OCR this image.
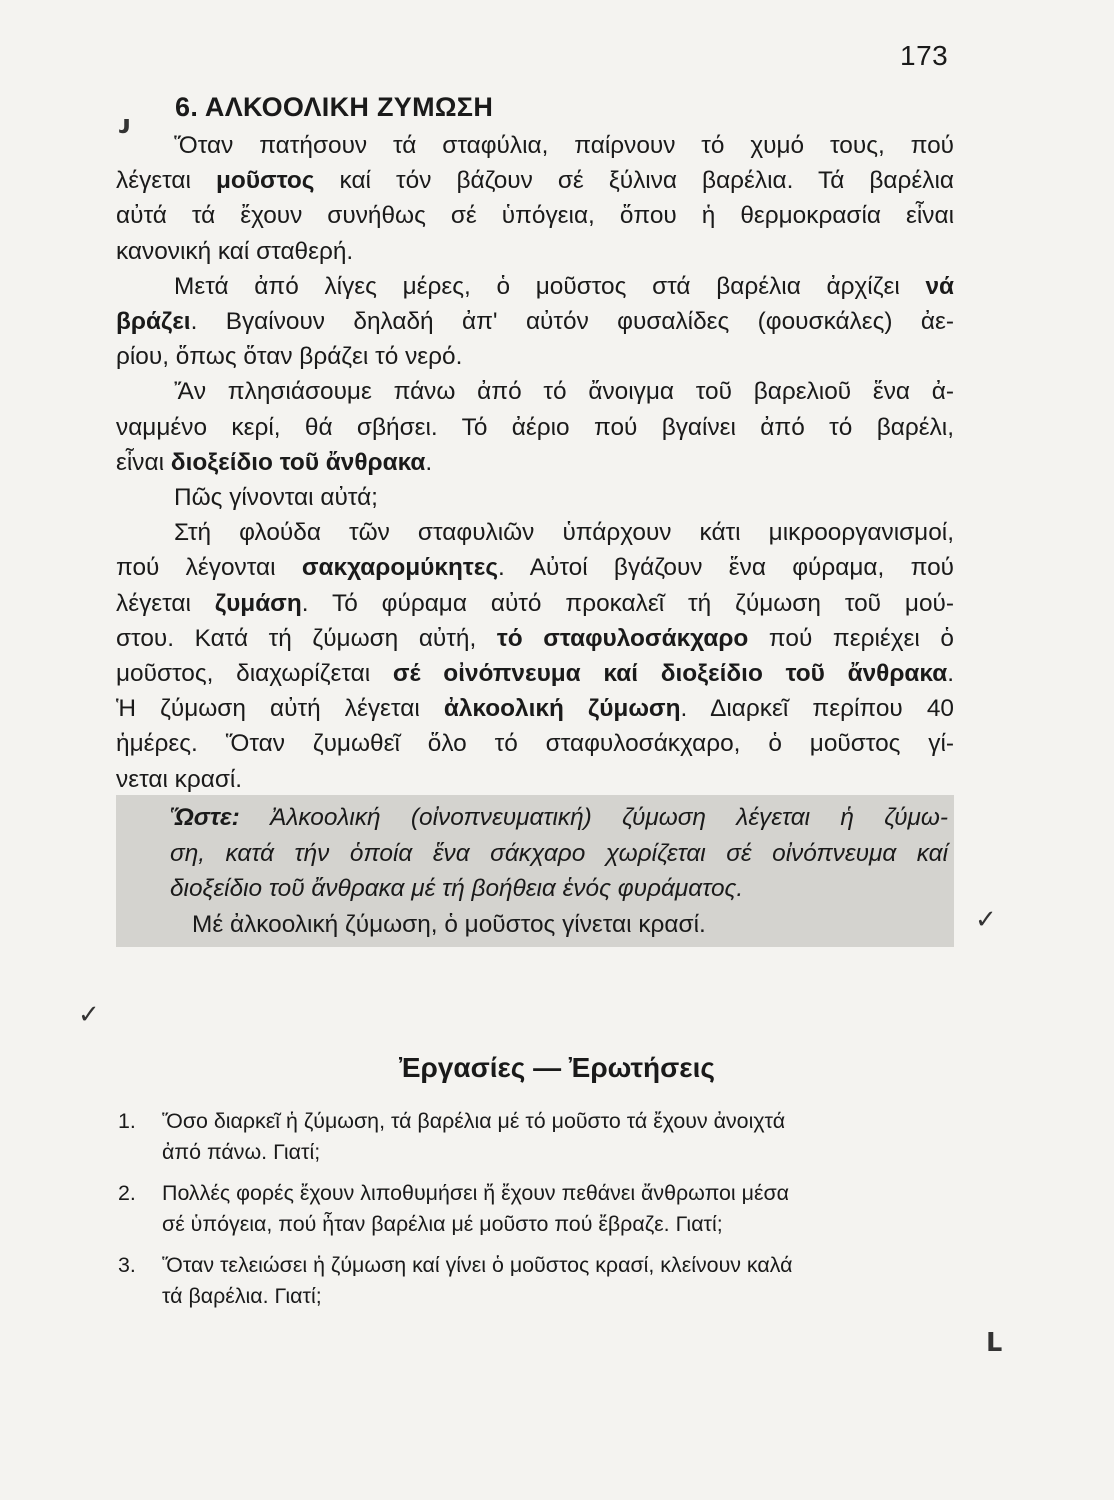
173
ᴊ
✓
✓
ᒪ
6. ΑΛΚΟΟΛΙΚΗ ΖΥΜΩΣΗ

Ὅταν πατήσουν τά σταφύλια, παίρνουν τό χυμό τους, πού
λέγεται μοῦστος καί τόν βάζουν σέ ξύλινα βαρέλια. Τά βαρέλια
αὐτά τά ἔχουν συνήθως σέ ὑπόγεια, ὅπου ἡ θερμοκρασία εἶναι
κανονική καί σταθερή.

Μετά ἀπό λίγες μέρες, ὁ μοῦστος στά βαρέλια ἀρχίζει νά
βράζει. Βγαίνουν δηλαδή ἀπ' αὐτόν φυσαλίδες (φουσκάλες) ἀε-
ρίου, ὅπως ὅταν βράζει τό νερό.

Ἄν πλησιάσουμε πάνω ἀπό τό ἄνοιγμα τοῦ βαρελιοῦ ἕνα ἀ-
ναμμένο κερί, θά σβήσει. Τό ἀέριο πού βγαίνει ἀπό τό βαρέλι,
εἶναι διοξείδιο τοῦ ἄνθρακα.

Πῶς γίνονται αὐτά;

Στή φλούδα τῶν σταφυλιῶν ὑπάρχουν κάτι μικροοργανισμοί,
πού λέγονται σακχαρομύκητες. Αὐτοί βγάζουν ἕνα φύραμα, πού
λέγεται ζυμάση. Τό φύραμα αὐτό προκαλεῖ τή ζύμωση τοῦ μού-
στου. Κατά τή ζύμωση αὐτή, τό σταφυλοσάκχαρο πού περιέχει ὁ
μοῦστος, διαχωρίζεται σέ οἰνόπνευμα καί διοξείδιο τοῦ ἄνθρακα.
Ἡ ζύμωση αὐτή λέγεται ἀλκοολική ζύμωση. Διαρκεῖ περίπου 40
ἡμέρες. Ὅταν ζυμωθεῖ ὅλο τό σταφυλοσάκχαρο, ὁ μοῦστος γί-
νεται κρασί.

Ὥστε: Ἀλκοολική (οἰνοπνευματική) ζύμωση λέγεται ἡ ζύμω-
ση, κατά τήν ὁποία ἕνα σάκχαρο χωρίζεται σέ οἰνόπνευμα καί
διοξείδιο τοῦ ἄνθρακα μέ τή βοήθεια ἑνός φυράματος.
Μέ ἀλκοολική ζύμωση, ὁ μοῦστος γίνεται κρασί.
Ἐργασίες — Ἐρωτήσεις
1. Ὅσο διαρκεῖ ἡ ζύμωση, τά βαρέλια μέ τό μοῦστο τά ἔχουν ἀνοιχτά
ἀπό πάνω. Γιατί;
2. Πολλές φορές ἔχουν λιποθυμήσει ἤ ἔχουν πεθάνει ἄνθρωποι μέσα
σέ ὑπόγεια, πού ἦταν βαρέλια μέ μοῦστο πού ἔβραζε. Γιατί;
3. Ὅταν τελειώσει ἡ ζύμωση καί γίνει ὁ μοῦστος κρασί, κλείνουν καλά
τά βαρέλια. Γιατί;
